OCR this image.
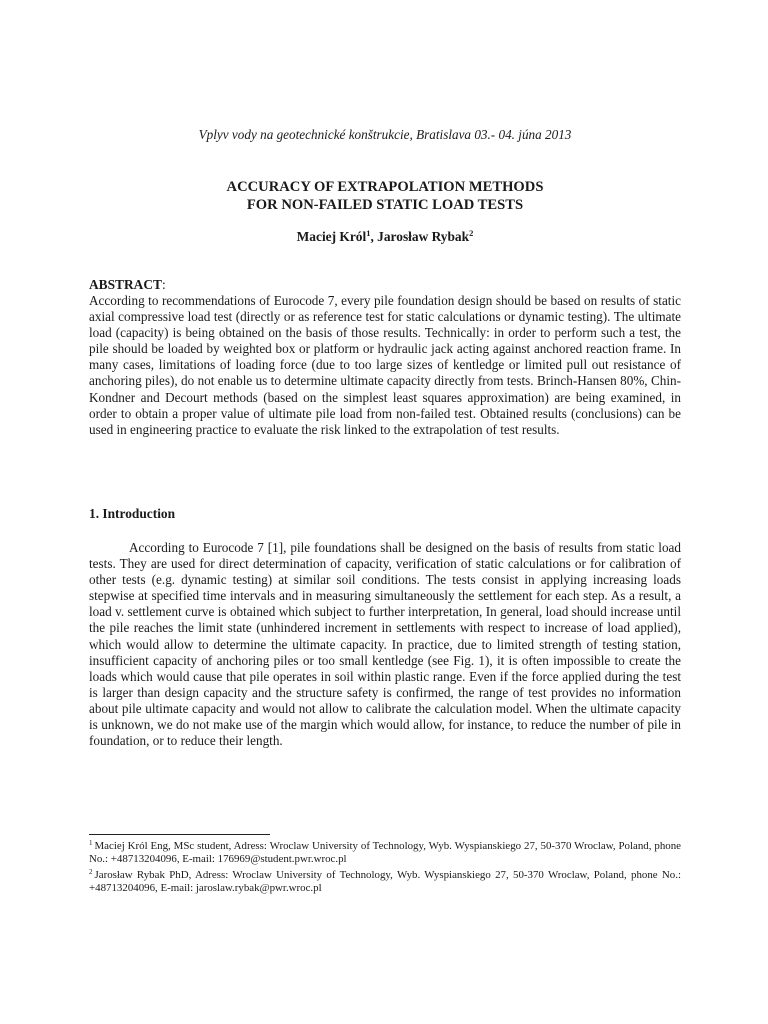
Vplyv vody na geotechnické konštrukcie, Bratislava 03.- 04. júna 2013
ACCURACY OF EXTRAPOLATION METHODS
FOR NON-FAILED STATIC LOAD TESTS
Maciej Król$^1$, Jarosław Rybak$^2$
ABSTRACT:
According to recommendations of Eurocode 7, every pile foundation design should be based on results of static axial compressive load test (directly or as reference test for static calculations or dynamic testing). The ultimate load (capacity) is being obtained on the basis of those results. Technically: in order to perform such a test, the pile should be loaded by weighted box or platform or hydraulic jack acting against anchored reaction frame. In many cases, limitations of loading force (due to too large sizes of kentledge or limited pull out resistance of anchoring piles), do not enable us to determine ultimate capacity directly from tests. Brinch-Hansen 80%, Chin-Kondner and Decourt methods (based on the simplest least squares approximation) are being examined, in order to obtain a proper value of ultimate pile load from non-failed test. Obtained results (conclusions) can be used in engineering practice to evaluate the risk linked to the extrapolation of test results.
1. Introduction
According to Eurocode 7 [1], pile foundations shall be designed on the basis of results from static load tests. They are used for direct determination of capacity, verification of static calculations or for calibration of other tests (e.g. dynamic testing) at similar soil conditions. The tests consist in applying increasing loads stepwise at specified time intervals and in measuring simultaneously the settlement for each step. As a result, a load v. settlement curve is obtained which subject to further interpretation, In general, load should increase until the pile reaches the limit state (unhindered increment in settlements with respect to increase of load applied), which would allow to determine the ultimate capacity. In practice, due to limited strength of testing station, insufficient capacity of anchoring piles or too small kentledge (see Fig. 1), it is often impossible to create the loads which would cause that pile operates in soil within plastic range. Even if the force applied during the test is larger than design capacity and the structure safety is confirmed, the range of test provides no information about pile ultimate capacity and would not allow to calibrate the calculation model. When the ultimate capacity is unknown, we do not make use of the margin which would allow, for instance, to reduce the number of pile in foundation, or to reduce their length.

$^1$ Maciej Król Eng, MSc student, Adress: Wroclaw University of Technology, Wyb. Wyspianskiego 27, 50-370 Wroclaw, Poland, phone No.: +48713204096, E-mail: 176969@student.pwr.wroc.pl

$^2$ Jarosław Rybak PhD, Adress: Wroclaw University of Technology, Wyb. Wyspianskiego 27, 50-370 Wroclaw, Poland, phone No.: +48713204096, E-mail: jaroslaw.rybak@pwr.wroc.pl
